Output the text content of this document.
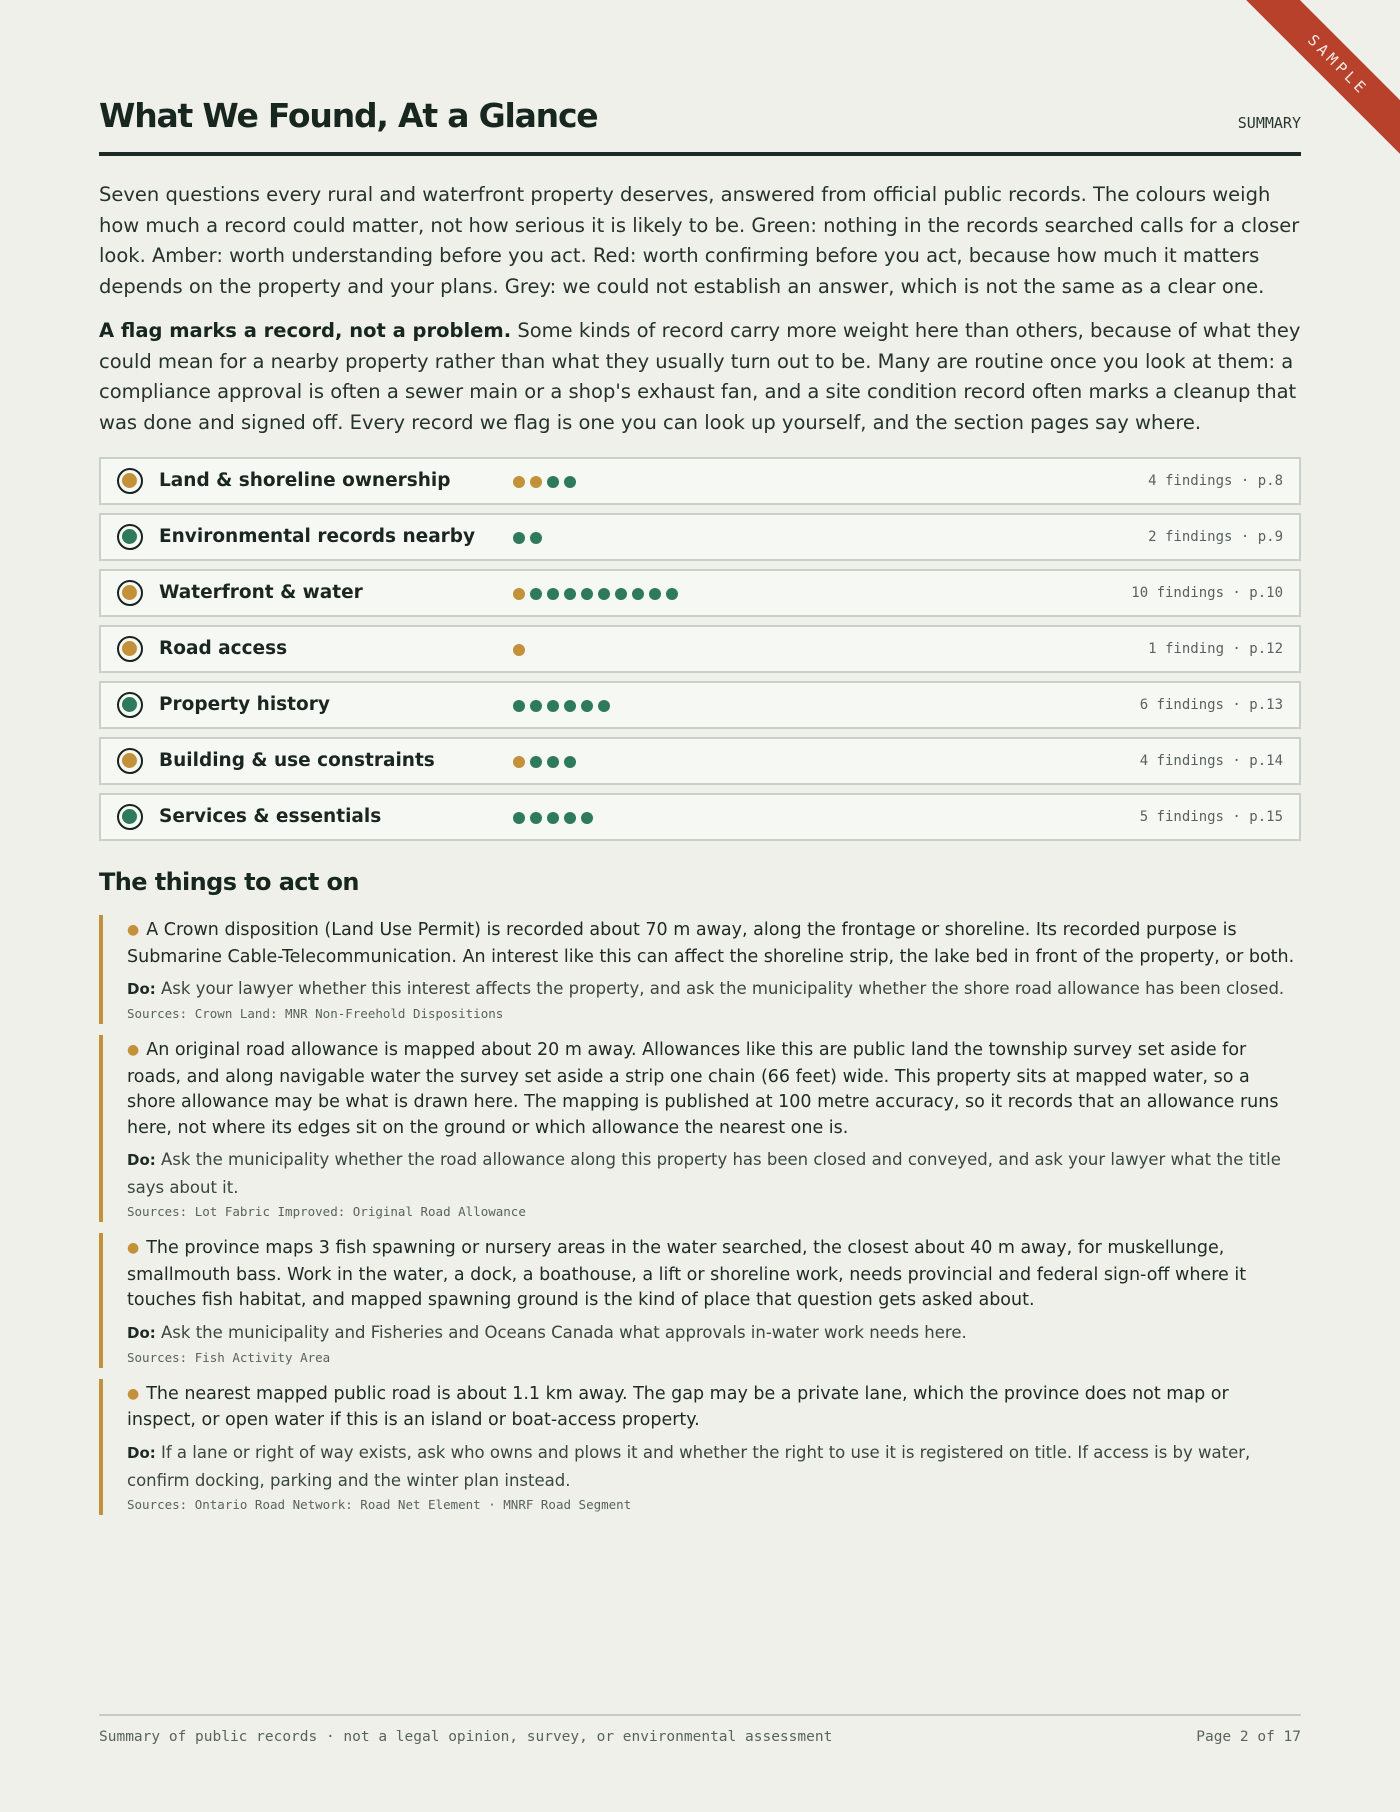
SAMPLE
What We Found, At a Glance	SUMMARY

Seven questions every rural and waterfront property deserves, answered from official public records. The colours weigh how much a record could matter, not how serious it is likely to be. Green: nothing in the records searched calls for a closer look. Amber: worth understanding before you act. Red: worth confirming before you act, because how much it matters depends on the property and your plans. Grey: we could not establish an answer, which is not the same as a clear one.

A flag marks a record, not a problem. Some kinds of record carry more weight here than others, because of what they could mean for a nearby property rather than what they usually turn out to be. Many are routine once you look at them: a compliance approval is often a sewer main or a shop's exhaust fan, and a site condition record often marks a cleanup that was done and signed off. Every record we flag is one you can look up yourself, and the section pages say where.

Land & shoreline ownership	4 findings · p.8
Environmental records nearby	2 findings · p.9
Waterfront & water	10 findings · p.10
Road access	1 finding · p.12
Property history	6 findings · p.13
Building & use constraints	4 findings · p.14
Services & essentials	5 findings · p.15
The things to act on

● A Crown disposition (Land Use Permit) is recorded about 70 m away, along the frontage or shoreline. Its recorded purpose is Submarine Cable-Telecommunication. An interest like this can affect the shoreline strip, the lake bed in front of the property, or both.

Do: Ask your lawyer whether this interest affects the property, and ask the municipality whether the shore road allowance has been closed.

Sources: Crown Land: MNR Non-Freehold Dispositions

● An original road allowance is mapped about 20 m away. Allowances like this are public land the township survey set aside for roads, and along navigable water the survey set aside a strip one chain (66 feet) wide. This property sits at mapped water, so a shore allowance may be what is drawn here. The mapping is published at 100 metre accuracy, so it records that an allowance runs here, not where its edges sit on the ground or which allowance the nearest one is.

Do: Ask the municipality whether the road allowance along this property has been closed and conveyed, and ask your lawyer what the title says about it.

Sources: Lot Fabric Improved: Original Road Allowance

● The province maps 3 fish spawning or nursery areas in the water searched, the closest about 40 m away, for muskellunge, smallmouth bass. Work in the water, a dock, a boathouse, a lift or shoreline work, needs provincial and federal sign-off where it touches fish habitat, and mapped spawning ground is the kind of place that question gets asked about.

Do: Ask the municipality and Fisheries and Oceans Canada what approvals in-water work needs here.

Sources: Fish Activity Area

● The nearest mapped public road is about 1.1 km away. The gap may be a private lane, which the province does not map or inspect, or open water if this is an island or boat-access property.

Do: If a lane or right of way exists, ask who owns and plows it and whether the right to use it is registered on title. If access is by water, confirm docking, parking and the winter plan instead.

Sources: Ontario Road Network: Road Net Element · MNRF Road Segment

Summary of public records · not a legal opinion, survey, or environmental assessment	Page 2 of 17
